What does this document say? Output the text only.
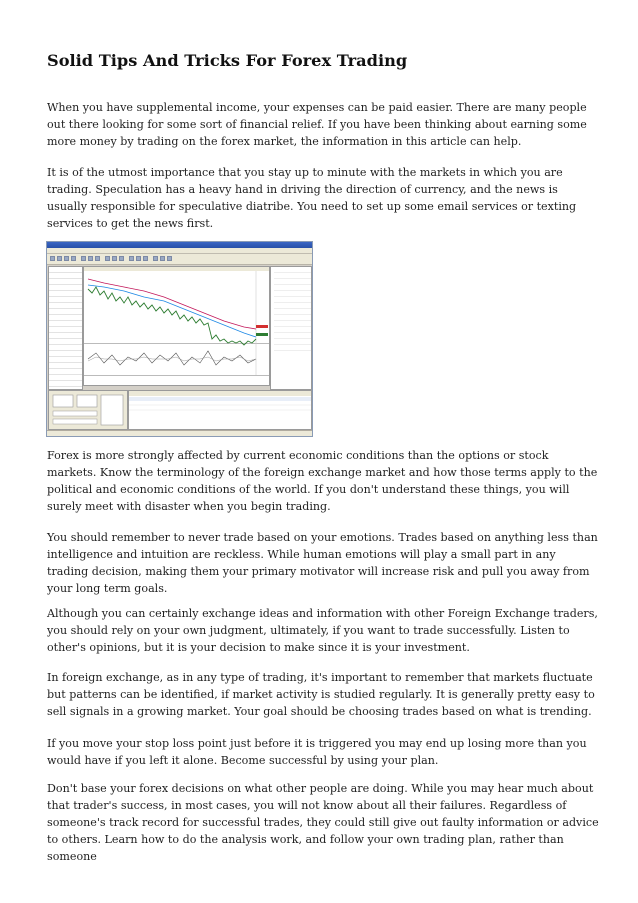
Solid Tips And Tricks For Forex Trading

When you have supplemental income, your expenses can be paid easier. There are many people out there looking for some sort of financial relief. If you have been thinking about earning some more money by trading on the forex market, the information in this article can help.

It is of the utmost importance that you stay up to minute with the markets in which you are trading. Speculation has a heavy hand in driving the direction of currency, and the news is usually responsible for speculative diatribe. You need to set up some email services or texting services to get the news first.

Forex is more strongly affected by current economic conditions than the options or stock markets. Know the terminology of the foreign exchange market and how those terms apply to the political and economic conditions of the world. If you don't understand these things, you will surely meet with disaster when you begin trading.

You should remember to never trade based on your emotions. Trades based on anything less than intelligence and intuition are reckless. While human emotions will play a small part in any trading decision, making them your primary motivator will increase risk and pull you away from your long term goals.

Although you can certainly exchange ideas and information with other Foreign Exchange traders, you should rely on your own judgment, ultimately, if you want to trade successfully. Listen to other's opinions, but it is your decision to make since it is your investment.

In foreign exchange, as in any type of trading, it's important to remember that markets fluctuate but patterns can be identified, if market activity is studied regularly. It is generally pretty easy to sell signals in a growing market. Your goal should be choosing trades based on what is trending.

If you move your stop loss point just before it is triggered you may end up losing more than you would have if you left it alone. Become successful by using your plan.

Don't base your forex decisions on what other people are doing. While you may hear much about that trader's success, in most cases, you will not know about all their failures. Regardless of someone's track record for successful trades, they could still give out faulty information or advice to others. Learn how to do the analysis work, and follow your own trading plan, rather than someone
